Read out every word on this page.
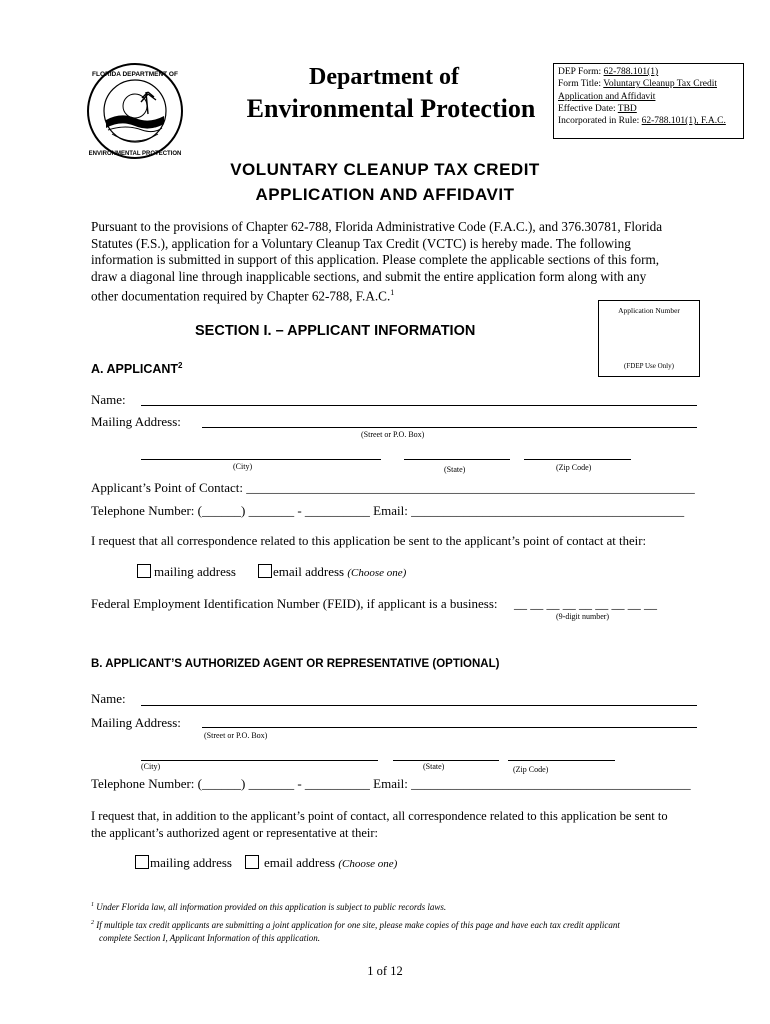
FLORIDA DEPARTMENT OF
ENVIRONMENTAL PROTECTION
Department of
Environmental Protection
DEP Form: 62-788.101(1)
Form Title: Voluntary Cleanup Tax Credit
Application and Affidavit
Effective Date: TBD
Incorporated in Rule: 62-788.101(1), F.A.C.
VOLUNTARY CLEANUP TAX CREDIT
APPLICATION AND AFFIDAVIT
Pursuant to the provisions of Chapter 62-788, Florida Administrative Code (F.A.C.), and 376.30781, Florida
Statutes (F.S.), application for a Voluntary Cleanup Tax Credit (VCTC) is hereby made. The following
information is submitted in support of this application. Please complete the applicable sections of this form,
draw a diagonal line through inapplicable sections, and submit the entire application form along with any
other documentation required by Chapter 62-788, F.A.C.$^1$
Application Number
(FDEP Use Only)
SECTION I. – APPLICANT INFORMATION
A. APPLICANT$^2$
Name:
Mailing Address:
(Street or P.O. Box)
(City)	(State)	(Zip Code)
Applicant’s Point of Contact: _____________________________________________________________________
Telephone Number: (______) _______ - __________ Email: __________________________________________
I request that all correspondence related to this application be sent to the applicant’s point of contact at their:
mailing address	email address (Choose one)
Federal Employment Identification Number (FEID), if applicant is a business: __ __ __ __ __ __ __ __ __
(9-digit number)
B. APPLICANT’S AUTHORIZED AGENT OR REPRESENTATIVE (OPTIONAL)
Name:
Mailing Address:
(Street or P.O. Box)
(City)	(State)	(Zip Code)
Telephone Number: (______) _______ - __________ Email: ___________________________________________
I request that, in addition to the applicant’s point of contact, all correspondence related to this application be sent to
the applicant’s authorized agent or representative at their:
mailing address email address (Choose one)
$^1$ Under Florida law, all information provided on this application is subject to public records laws.
$^2$ If multiple tax credit applicants are submitting a joint application for one site, please make copies of this page and have each tax credit applicant
complete Section I, Applicant Information of this application.
1 of 12
